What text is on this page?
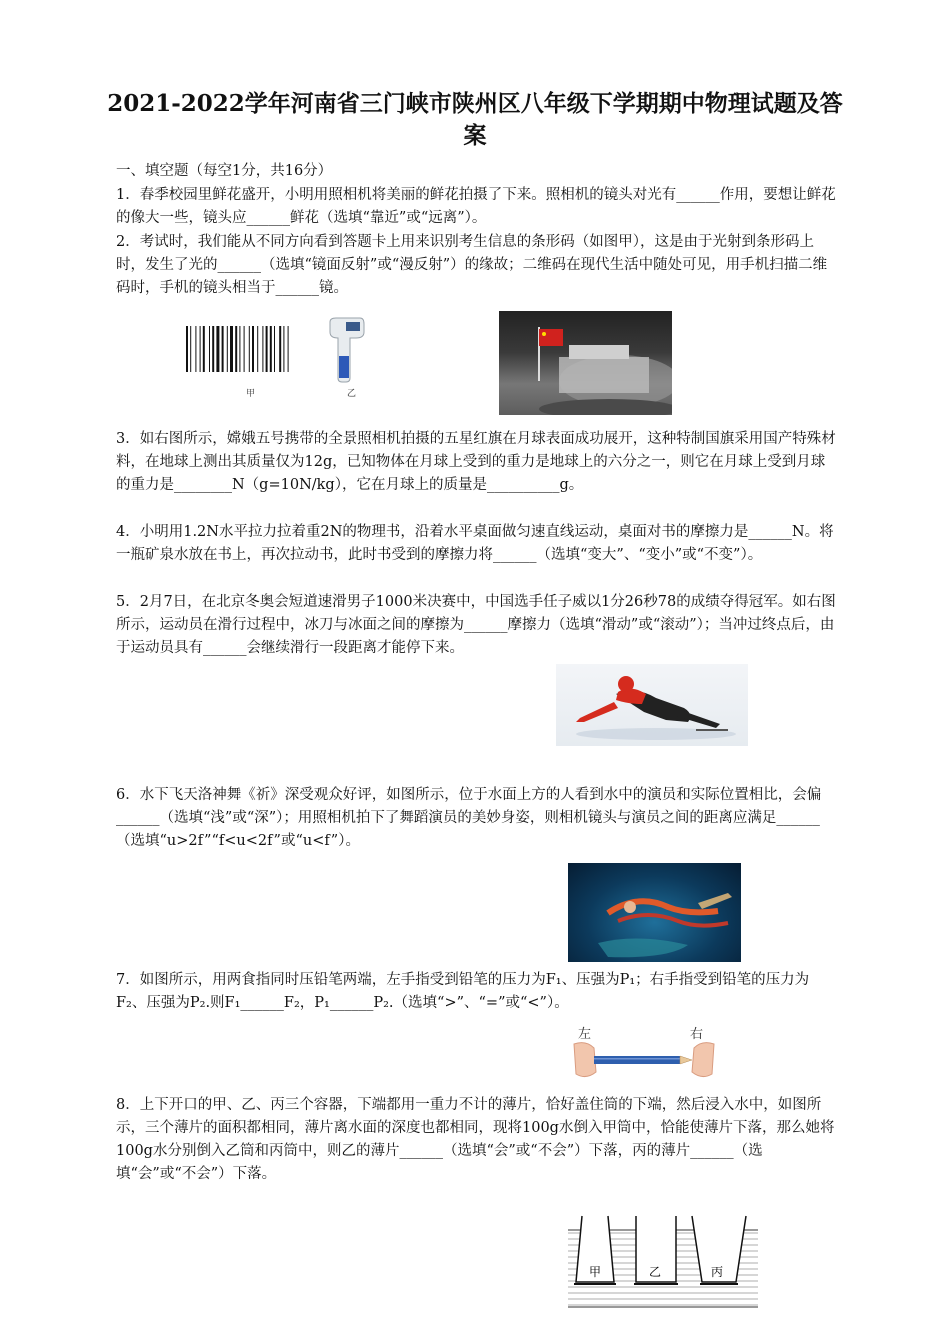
2021-2022学年河南省三门峡市陕州区八年级下学期期中物理试题及答案

一、填空题（每空1分，共16分）

1．春季校园里鲜花盛开，小明用照相机将美丽的鲜花拍摄了下来。照相机的镜头对光有______作用，要想让鲜花的像大一些，镜头应______鲜花（选填“靠近”或“远离”）。

2．考试时，我们能从不同方向看到答题卡上用来识别考生信息的条形码（如图甲），这是由于光射到条形码上时，发生了光的______（选填“镜面反射”或“漫反射”）的缘故；二维码在现代生活中随处可见，用手机扫描二维码时，手机的镜头相当于______镜。

甲	乙

3．如右图所示，嫦娥五号携带的全景照相机拍摄的五星红旗在月球表面成功展开，这种特制国旗采用国产特殊材料，在地球上测出其质量仅为12g，已知物体在月球上受到的重力是地球上的六分之一，则它在月球上受到月球的重力是________N（g=10N/kg），它在月球上的质量是__________g。

4．小明用1.2N水平拉力拉着重2N的物理书，沿着水平桌面做匀速直线运动，桌面对书的摩擦力是______N。将一瓶矿泉水放在书上，再次拉动书，此时书受到的摩擦力将______（选填“变大”、“变小”或“不变”）。

5．2月7日，在北京冬奥会短道速滑男子1000米决赛中，中国选手任子威以1分26秒78的成绩夺得冠军。如右图所示，运动员在滑行过程中，冰刀与冰面之间的摩擦为______摩擦力（选填“滑动”或“滚动”）；当冲过终点后，由于运动员具有______会继续滑行一段距离才能停下来。

6．水下飞天洛神舞《祈》深受观众好评，如图所示，位于水面上方的人看到水中的演员和实际位置相比，会偏______（选填“浅”或“深”）；用照相机拍下了舞蹈演员的美妙身姿，则相机镜头与演员之间的距离应满足______（选填“u>2f”“f<u<2f”或“u<f”）。

7．如图所示，用两食指同时压铅笔两端，左手指受到铅笔的压力为F₁、压强为P₁；右手指受到铅笔的压力为F₂、压强为P₂.则F₁______F₂，P₁______P₂.（选填“>”、“=”或“<”）。

左	右

8．上下开口的甲、乙、丙三个容器，下端都用一重力不计的薄片，恰好盖住筒的下端，然后浸入水中，如图所示，三个薄片的面积都相同，薄片离水面的深度也都相同，现将100g水倒入甲筒中，恰能使薄片下落，那么她将100g水分别倒入乙筒和丙筒中，则乙的薄片______（选填“会”或“不会”）下落，丙的薄片______（选填“会”或“不会”）下落。

甲	乙	丙
